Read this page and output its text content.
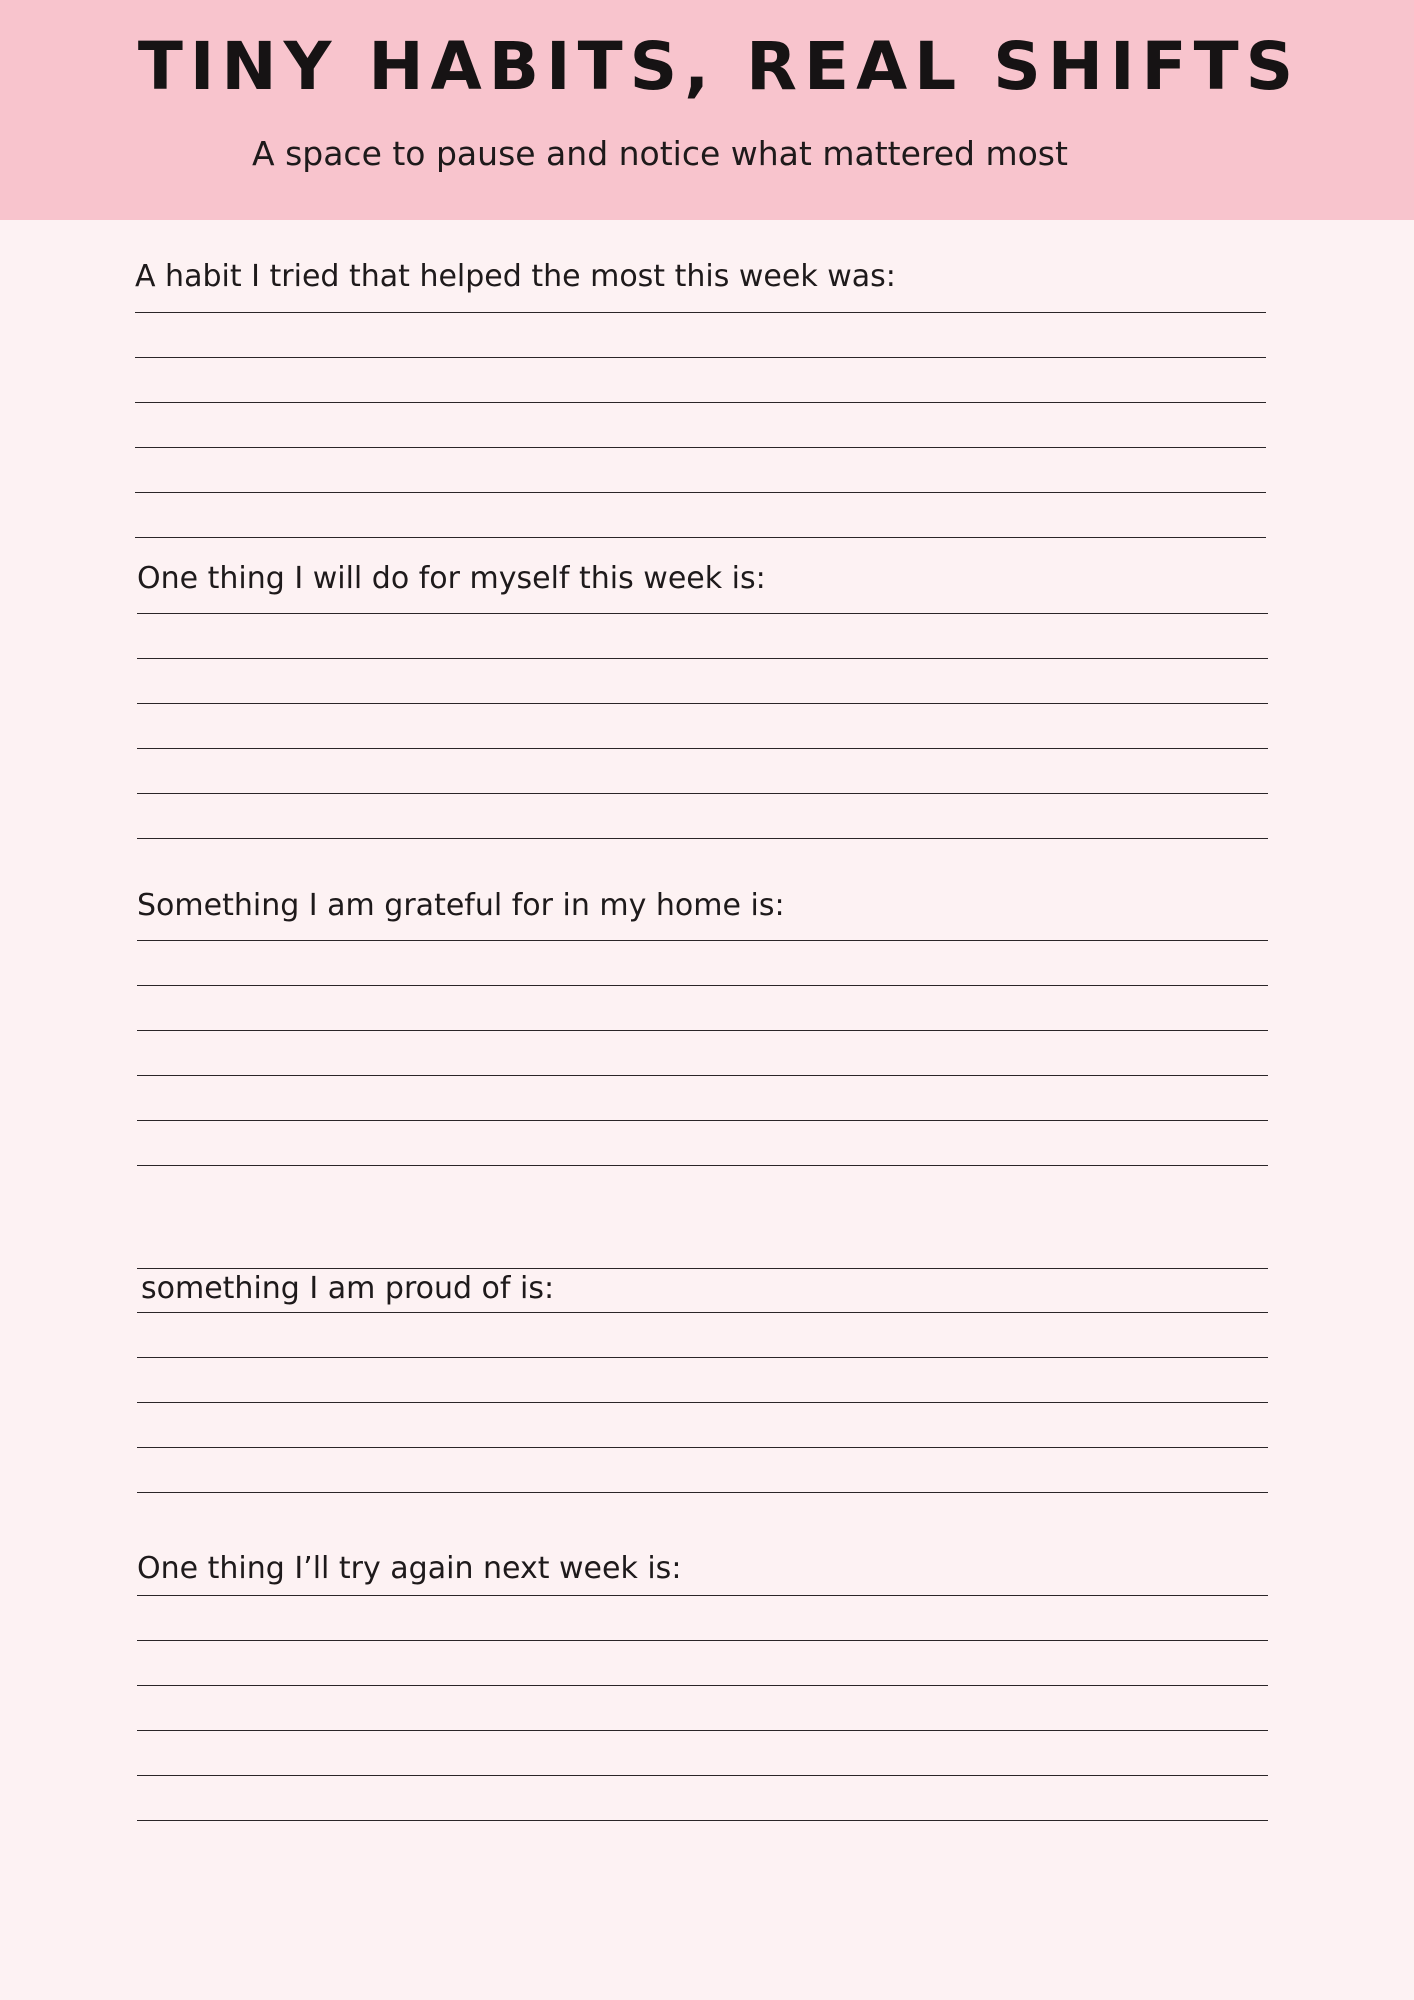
TINY HABITS, REAL SHIFTS
A space to pause and notice what mattered most
A habit I tried that helped the most this week was:
One thing I will do for myself this week is:
Something I am grateful for in my home is:
something I am proud of is:
One thing I’ll try again next week is:
